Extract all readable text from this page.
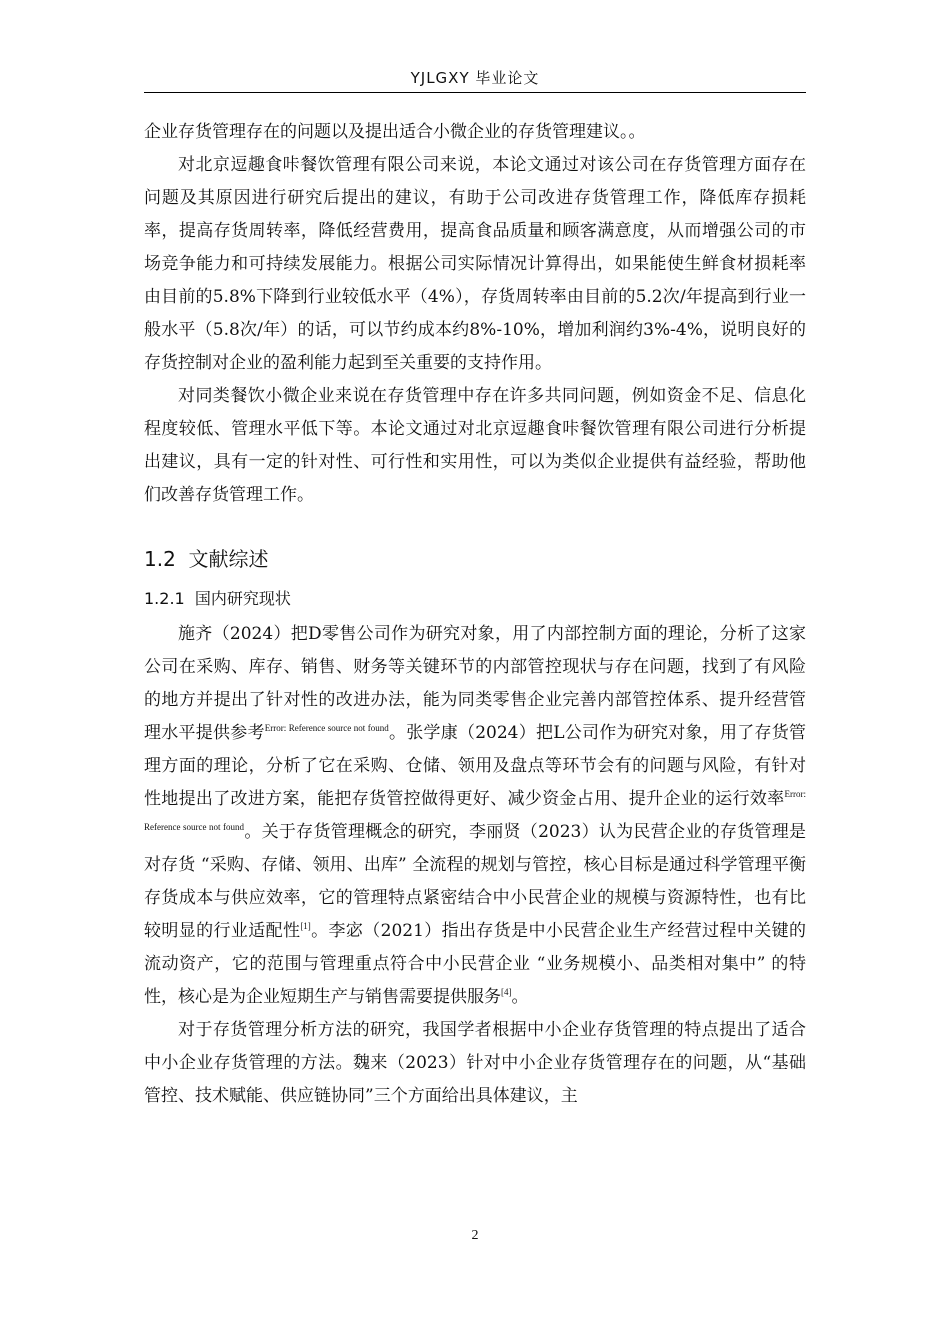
YJLGXY 毕业论文

企业存货管理存在的问题以及提出适合小微企业的存货管理建议。。

对北京逗趣食咔餐饮管理有限公司来说，本论文通过对该公司在存货管理方面存在问题及其原因进行研究后提出的建议，有助于公司改进存货管理工作，降低库存损耗率，提高存货周转率，降低经营费用，提高食品质量和顾客满意度，从而增强公司的市场竞争能力和可持续发展能力。根据公司实际情况计算得出，如果能使生鲜食材损耗率由目前的5.8%下降到行业较低水平（4%），存货周转率由目前的5.2次/年提高到行业一般水平（5.8次/年）的话，可以节约成本约8%-10%，增加利润约3%-4%，说明良好的存货控制对企业的盈利能力起到至关重要的支持作用。

对同类餐饮小微企业来说在存货管理中存在许多共同问题，例如资金不足、信息化程度较低、管理水平低下等。本论文通过对北京逗趣食咔餐饮管理有限公司进行分析提出建议，具有一定的针对性、可行性和实用性，可以为类似企业提供有益经验，帮助他们改善存货管理工作。

1.2 文献综述
1.2.1 国内研究现状

施齐（2024）把D零售公司作为研究对象，用了内部控制方面的理论，分析了这家公司在采购、库存、销售、财务等关键环节的内部管控现状与存在问题，找到了有风险的地方并提出了针对性的改进办法，能为同类零售企业完善内部管控体系、提升经营管理水平提供参考$^{Error: Reference source not found}$。张学康（2024）把L公司作为研究对象，用了存货管理方面的理论，分析了它在采购、仓储、领用及盘点等环节会有的问题与风险，有针对性地提出了改进方案，能把存货管控做得更好、减少资金占用、提升企业的运行效率$^{Error: Reference source not found}$。关于存货管理概念的研究，李丽贤（2023）认为民营企业的存货管理是对存货 “采购、存储、领用、出库” 全流程的规划与管控，核心目标是通过科学管理平衡存货成本与供应效率，它的管理特点紧密结合中小民营企业的规模与资源特性，也有比较明显的行业适配性[1]。李宓（2021）指出存货是中小民营企业生产经营过程中关键的流动资产，它的范围与管理重点符合中小民营企业 “业务规模小、品类相对集中” 的特性，核心是为企业短期生产与销售需要提供服务[4]。

对于存货管理分析方法的研究，我国学者根据中小企业存货管理的特点提出了适合中小企业存货管理的方法。魏来（2023）针对中小企业存货管理存在的问题，从“基础管控、技术赋能、供应链协同”三个方面给出具体建议，主

2
